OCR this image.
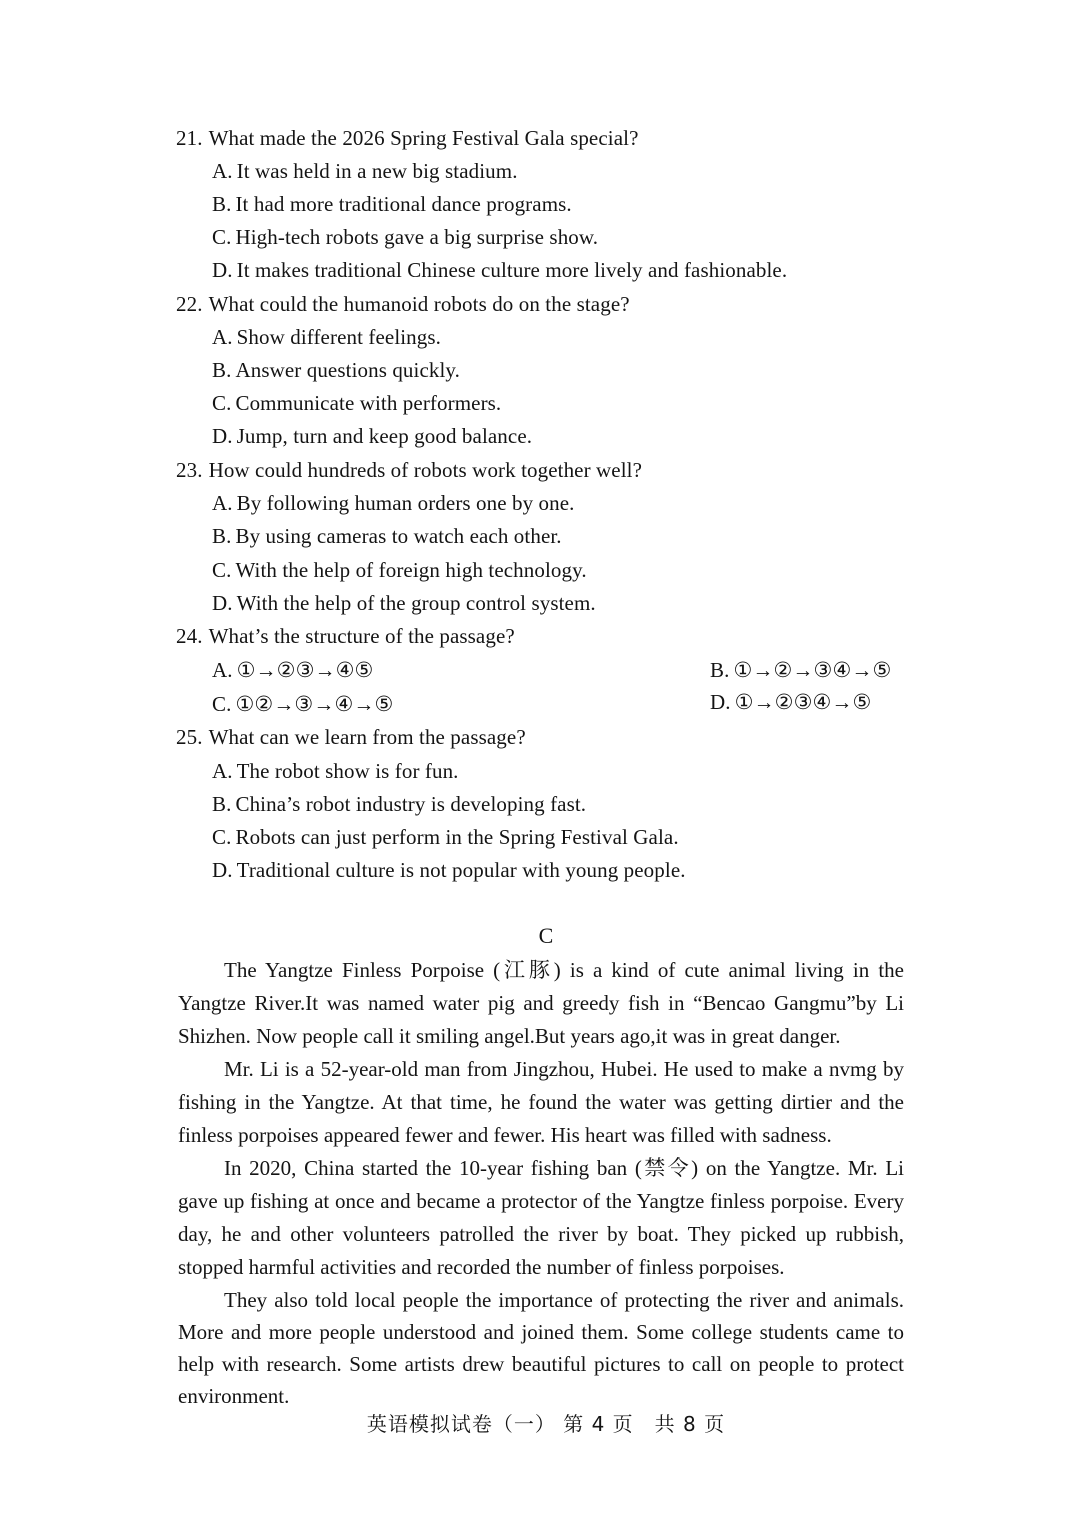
21. What made the 2026 Spring Festival Gala special?
A. It was held in a new big stadium.
B. It had more traditional dance programs.
C. High-tech robots gave a big surprise show.
D. It makes traditional Chinese culture more lively and fashionable.
22. What could the humanoid robots do on the stage?
A. Show different feelings.
B. Answer questions quickly.
C. Communicate with performers.
D. Jump, turn and keep good balance.
23. How could hundreds of robots work together well?
A. By following human orders one by one.
B. By using cameras to watch each other.
C. With the help of foreign high technology.
D. With the help of the group control system.
24. What’s the structure of the passage?
A. ①→②③→④⑤	B. ①→②→③④→⑤
C. ①②→③→④→⑤	D. ①→②③④→⑤
25. What can we learn from the passage?
A. The robot show is for fun.
B. China’s robot industry is developing fast.
C. Robots can just perform in the Spring Festival Gala.
D. Traditional culture is not popular with young people.
C
The Yangtze Finless Porpoise (江豚) is a kind of cute animal living in the
Yangtze River.It was named water pig and greedy fish in “Bencao Gangmu”by Li
Shizhen. Now people call it smiling angel.But years ago,it was in great danger.
Mr. Li is a 52-year-old man from Jingzhou, Hubei. He used to make a nvmg by
fishing in the Yangtze. At that time, he found the water was getting dirtier and the
finless porpoises appeared fewer and fewer. His heart was filled with sadness.
In 2020, China started the 10-year fishing ban (禁令) on the Yangtze. Mr. Li
gave up fishing at once and became a protector of the Yangtze finless porpoise. Every
day, he and other volunteers patrolled the river by boat. They picked up rubbish,
stopped harmful activities and recorded the number of finless porpoises.
They also told local people the importance of protecting the river and animals.
More and more people understood and joined them. Some college students came to
help with research. Some artists drew beautiful pictures to call on people to protect
environment.
英语模拟试卷（一） 第 4 页　共 8 页
